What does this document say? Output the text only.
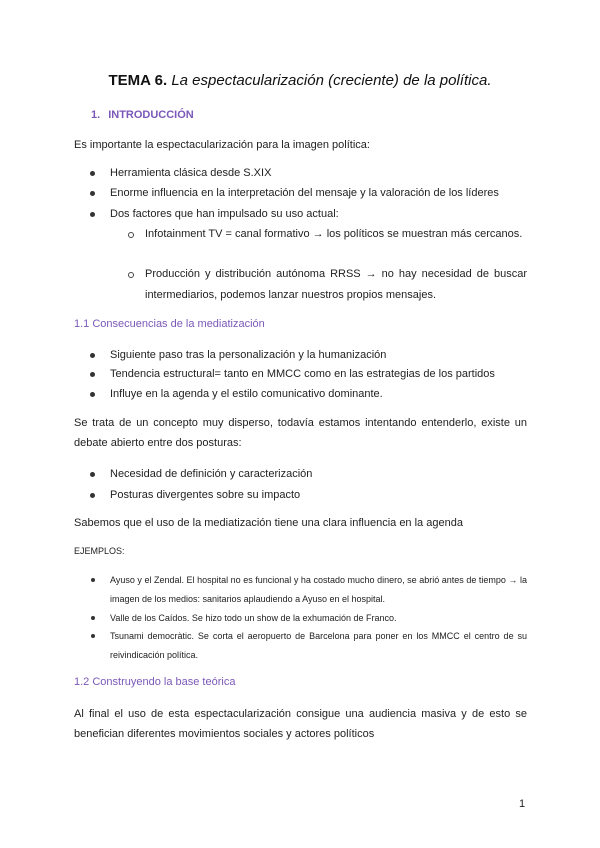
TEMA 6. La espectacularización (creciente) de la política.
1. INTRODUCCIÓN

Es importante la espectacularización para la imagen política:

Herramienta clásica desde S.XIX
Enorme influencia en la interpretación del mensaje y la valoración de los líderes
Dos factores que han impulsado su uso actual:
Infotainment TV = canal formativo → los políticos se muestran más cercanos.
Producción y distribución autónoma RRSS → no hay necesidad de buscar intermediarios, podemos lanzar nuestros propios mensajes.
1.1 Consecuencias de la mediatización
Siguiente paso tras la personalización y la humanización
Tendencia estructural= tanto en MMCC como en las estrategias de los partidos
Influye en la agenda y el estilo comunicativo dominante.

Se trata de un concepto muy disperso, todavía estamos intentando entenderlo, existe un debate abierto entre dos posturas:

Necesidad de definición y caracterización
Posturas divergentes sobre su impacto

Sabemos que el uso de la mediatización tiene una clara influencia en la agenda

EJEMPLOS:
Ayuso y el Zendal. El hospital no es funcional y ha costado mucho dinero, se abrió antes de tiempo → la imagen de los medios: sanitarios aplaudiendo a Ayuso en el hospital.
Valle de los Caídos. Se hizo todo un show de la exhumación de Franco.
Tsunami democràtic. Se corta el aeropuerto de Barcelona para poner en los MMCC el centro de su reivindicación política.
1.2 Construyendo la base teórica

Al final el uso de esta espectacularización consigue una audiencia masiva y de esto se benefician diferentes movimientos sociales y actores políticos

1
